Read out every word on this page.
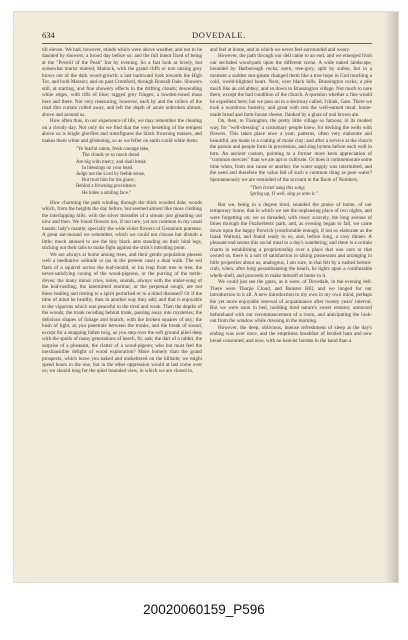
634	DOVEDALE.

till eleven. We had, however, minds which were above weather, and not to be daunted by showers; a brood day before us; and the full intent fixed of being at the "Peveril of the Peak" Inn by evening. So a fast look at lovely, but somewhat tourist marred, Matlock, with the grand cliffs or tors raising grey brows out of the dark wood-growth; a last backward look towards the High Tor, and bold Masson; and on past Cromford, through Bonsall Dale. Showers still, at starting, and fine showery effects in the drifting clouds; descending white edges, with rifts of blue; ragged grey fringes; a lowden-toned mass here and there. Not very reassuring; however, each by and the rollers of the road dim curtain rolled away, and left the depth of azure unbroken almost, above and around us.

How often thus, in our experience of life, we may remember the clearing on a cloudy day. Not only do we find that the very besetting of the tempest above us is bright glorifies and transfigures the black frowning masses, and makes them white and glistening, so as we feller on earth could white them:

"Ye fearful saints, fresh courage take,
The clouds ye so much dread
Are big with mercy, and shall break
In blessings on your head.
Judge not the Lord by feeble sense,
But trust him for his grace;
Behind a frowning providence
He hides a smiling face."

How charming the path winding through the thick wooded dale; woods which, from the heights the day before, but seemed almost like moss clothing the interlapping hills, with the silver threadlet of a stream just gleaming out now and then. We found flowers too, if not rare, yet not common in my usual haunts; lady's mantle; specially the wide violet flowers of Geranium pratense. A great ant-mound we remember, which we could not choose but disturb a little; much amused to see the tiny black ants standing on their hind legs, sticking out their tails to make fight against the stick's intruding point.

We are always at home among trees, and their gentle population pleases well a meditative solitude or (as in the present case) a dual walk. The red flash of a squirrel across the leaf-mould, or his leap from tree to tree; the never-satisfying cooing of the wood-pigeons, or the purring of the turtle-doves; the many minor cries, notes, sounds, always with the under-song of the leaf-rustling; the intermitted murmur, or the perpetual sough, are not these healing and resting to a spirit perturbed or to a mind diseased? Or if the time of mind be healthy, then in another way they add; and that is enjoyable to the vigorous which was peaceful to the tired and weak. Then the depths of the woods; the trunk receding behind trunk, passing away into mysteries; the delicious shapes of foliage and branch, with the broken squares of sky; the hush of light, as you penetrate between the trunks, and the break of sound, except for a snapping fallen twig, as you step over the soft ground piled deep with the spoils of many generations of beech, fir, oak; the dart of a rabbit, the surprise of a pheasant, the clatter of a wood-pigeon; who but must feel the inexhaustible delight of wood exploration? More homely than the grand prospects, which leave you naked and unsheltered on the hillside; we might spend hours in the one, but in the other oppression would at last come over us; we should long for the quiet bounded view, in which we are closed in,

and feel at home, and in which we never feel surrounded and weary.

However, the path through our dell came to an end, and we emerged from our secluded wood-path upon the different scene. A wide naked landscape, bounded by Harborough rocks; stern, tree-grey, split by sullen, but in a moment a sudden sun-gleam changed them like a true hope in God touching a cold, world-blighted heart. Next, over black hills, Brassington rocks; a pile much like an old abbey; and so down to Brassington village. Not much to note there, except the bad condition of the church. A question whether a fine would be expedient here; but we pass on to a doorway called, I think, Gate. There we took a wondrous hostelry, and great with rest the well-earned meal: home-made bread and farm-house cheese, flanked by a glass of real brown ale.

On, then, to Tissington, the pretty little village so famous, in its modest way, for "well-dressing" a customary people knew, for decking the wells with flowers. This takes place once a year; patterns, often very elaborate and beautiful, are made in a coating of moist clay; and after a service at the church the parson and people form in procession, and sing hymns before each well in turn. An ancient custom, pointing to a former more keen appreciation of "common mercies" than we are apt to cultivate. Or does it commemorate some time when, from one cause or another, the water supply was intermitted, and the need and therefore the value felt of such a common thing as pure water? Spontaneously we are reminded of the account in the Book of Numbers,

"Then Israel sang this song;
Spring up, O well, sing ye unto it."

But we, being in a degree tired, sounded the praise of home, of our temporary home, that in which we see the unpleasing place of two nights, and were forgetting on; we so threaded, with rosey scarcely, the long avenue of limes through the Fitzherberts' park, and, as evening began to fall, we came down upon the happy Parwich (comfortable enough, if not so elaborate as the Izaak Walton), and found ready to us, and, before long, a cosy dinner. A pleasant end seems this social meal to a day's wandering; and there is a certain charm in establishing a proprietorship over a place that was ours or that owned us, there is a sort of satisfaction in taking possession and arranging in little properties about us, analogous, I am sure, to that felt by a rushed hermit-crab, when, after long perambulating the beach, he lights upon a comfortable whelk-shell, and proceeds to make himself at home in it.

We could just see the gates, as it were, of Dovedale, in the evening dell. There were Thorpe Cloud, and Bunster Hill, and we longed for our introduction to it all. A new introduction to my own in my own mind, perhaps the yet more enjoyable renewal of acquaintance after twenty years' interval. But we were soon in bed, nodding tired nature's sweet restorer, unmoved beforehand with our recommencement of a room, and anticipating the look-out from the window while dressing in the morning.

However, the deep, oblivious, intense refreshment of sleep at the day's ending was over once, and the emptiness breakfast of broiled ham and new bread consumed, and now, with no heavier burden in the hand than a

20020060159_P596
